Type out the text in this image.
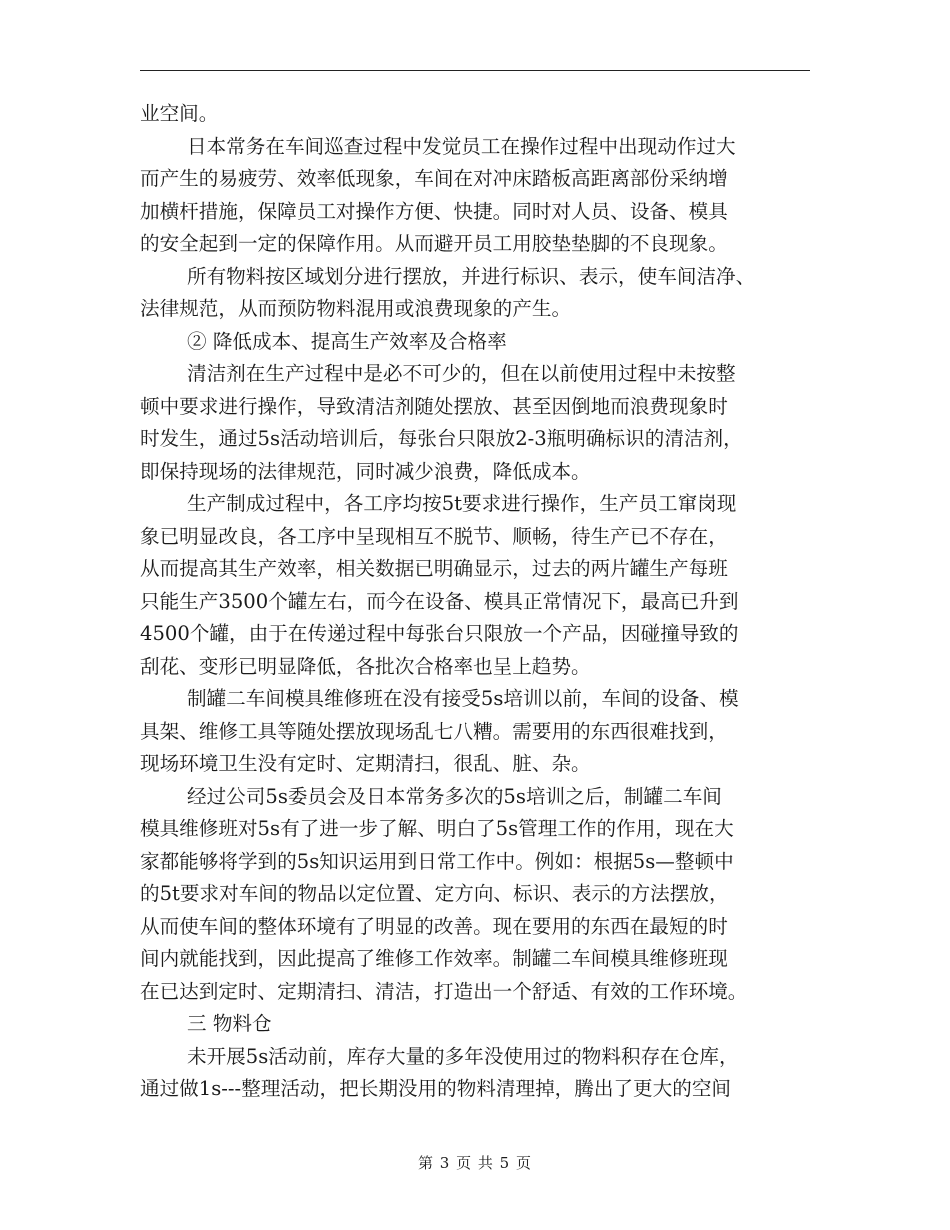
业空间。
日本常务在车间巡查过程中发觉员工在操作过程中出现动作过大
而产生的易疲劳、效率低现象，车间在对冲床踏板高距离部份采纳增
加横杆措施，保障员工对操作方便、快捷。同时对人员、设备、模具
的安全起到一定的保障作用。从而避开员工用胶垫垫脚的不良现象。
所有物料按区域划分进行摆放，并进行标识、表示，使车间洁净、
法律规范，从而预防物料混用或浪费现象的产生。
② 降低成本、提高生产效率及合格率
清洁剂在生产过程中是必不可少的，但在以前使用过程中未按整
顿中要求进行操作，导致清洁剂随处摆放、甚至因倒地而浪费现象时
时发生，通过5s活动培训后，每张台只限放2-3瓶明确标识的清洁剂，
即保持现场的法律规范，同时减少浪费，降低成本。
生产制成过程中，各工序均按5t要求进行操作，生产员工窜岗现
象已明显改良，各工序中呈现相互不脱节、顺畅，待生产已不存在，
从而提高其生产效率，相关数据已明确显示，过去的两片罐生产每班
只能生产3500个罐左右，而今在设备、模具正常情况下，最高已升到
4500个罐，由于在传递过程中每张台只限放一个产品，因碰撞导致的
刮花、变形已明显降低，各批次合格率也呈上趋势。
制罐二车间模具维修班在没有接受5s培训以前，车间的设备、模
具架、维修工具等随处摆放现场乱七八糟。需要用的东西很难找到，
现场环境卫生没有定时、定期清扫，很乱、脏、杂。
经过公司5s委员会及日本常务多次的5s培训之后，制罐二车间
模具维修班对5s有了进一步了解、明白了5s管理工作的作用，现在大
家都能够将学到的5s知识运用到日常工作中。例如：根据5s—整顿中
的5t要求对车间的物品以定位置、定方向、标识、表示的方法摆放，
从而使车间的整体环境有了明显的改善。现在要用的东西在最短的时
间内就能找到，因此提高了维修工作效率。制罐二车间模具维修班现
在已达到定时、定期清扫、清洁，打造出一个舒适、有效的工作环境。
三 物料仓
未开展5s活动前，库存大量的多年没使用过的物料积存在仓库，
通过做1s---整理活动，把长期没用的物料清理掉，腾出了更大的空间
第 3 页 共 5 页
